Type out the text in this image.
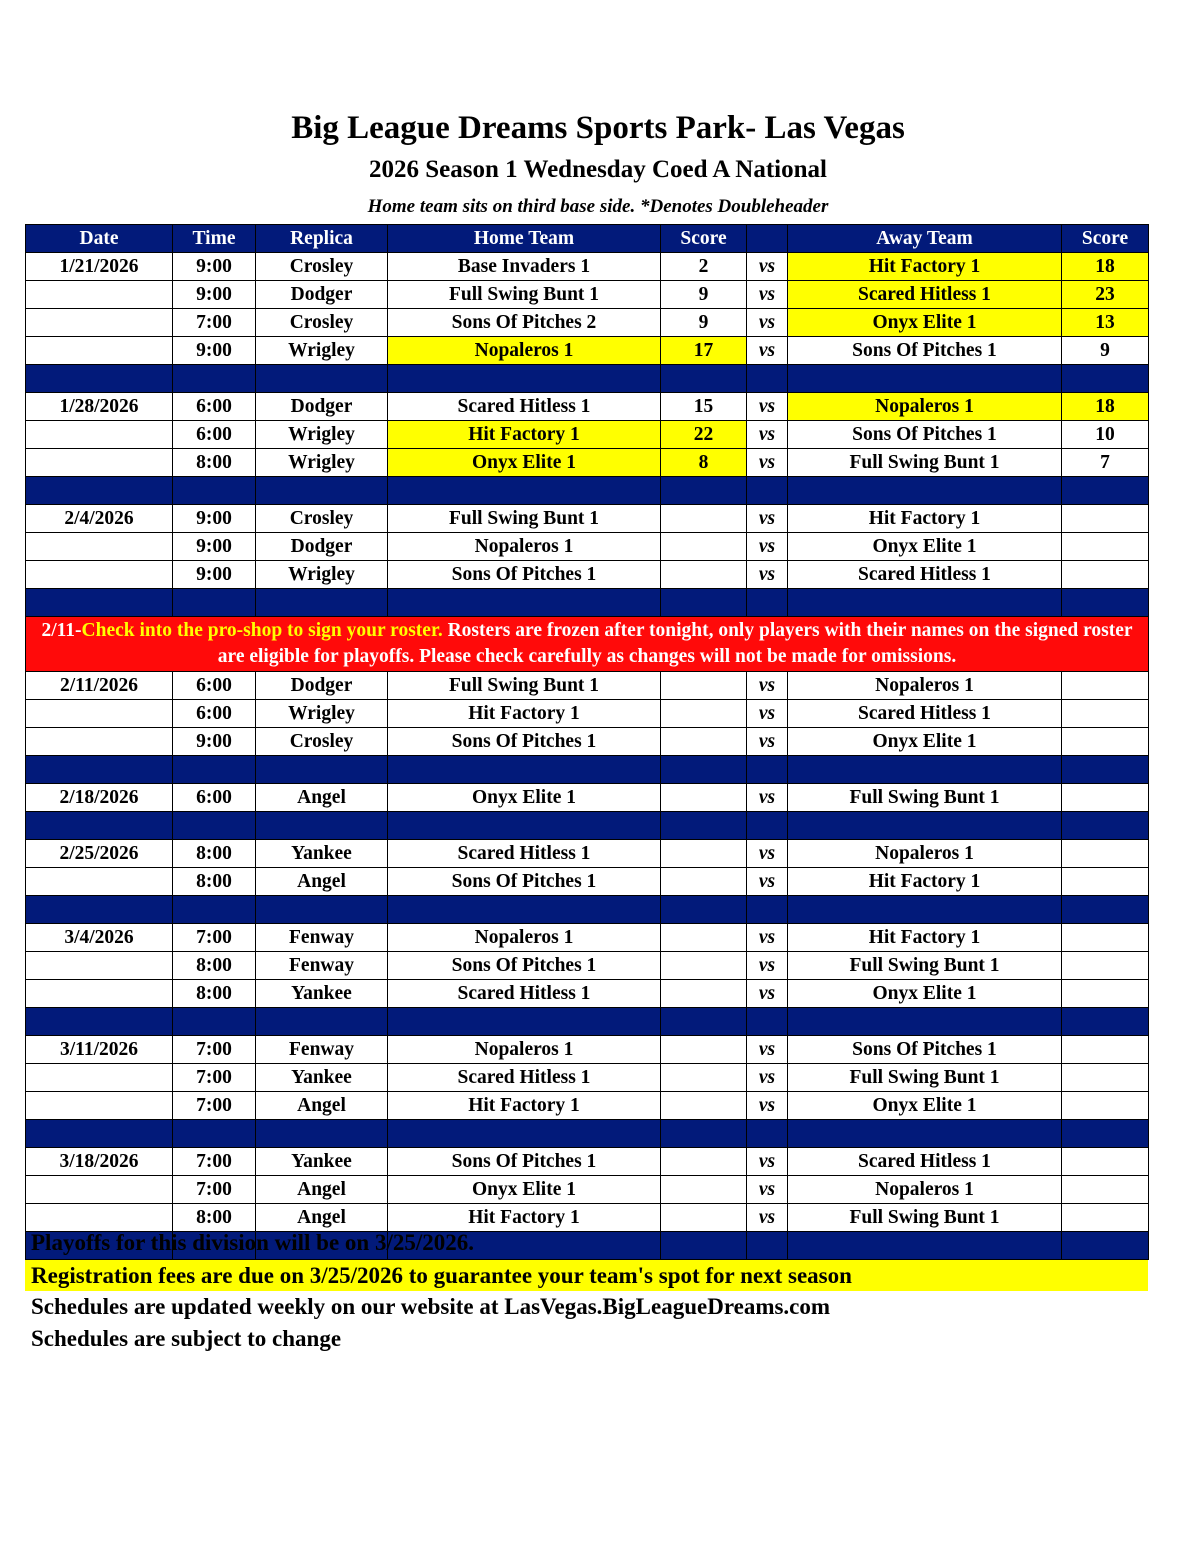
Big League Dreams Sports Park- Las Vegas
2026 Season 1 Wednesday Coed A National
Home team sits on third base side. *Denotes Doubleheader
Date	Time	Replica	Home Team	Score		Away Team	Score
1/21/2026	9:00	Crosley	Base Invaders 1	2	vs	Hit Factory 1	18
	9:00	Dodger	Full Swing Bunt 1	9	vs	Scared Hitless 1	23
	7:00	Crosley	Sons Of Pitches 2	9	vs	Onyx Elite 1	13
	9:00	Wrigley	Nopaleros 1	17	vs	Sons Of Pitches 1	9

1/28/2026	6:00	Dodger	Scared Hitless 1	15	vs	Nopaleros 1	18
	6:00	Wrigley	Hit Factory 1	22	vs	Sons Of Pitches 1	10
	8:00	Wrigley	Onyx Elite 1	8	vs	Full Swing Bunt 1	7

2/4/2026	9:00	Crosley	Full Swing Bunt 1		vs	Hit Factory 1	
	9:00	Dodger	Nopaleros 1		vs	Onyx Elite 1	
	9:00	Wrigley	Sons Of Pitches 1		vs	Scared Hitless 1	

2/11-Check into the pro-shop to sign your roster. Rosters are frozen after tonight, only players with their names on the signed roster are eligible for playoffs. Please check carefully as changes will not be made for omissions.							
2/11/2026	6:00	Dodger	Full Swing Bunt 1		vs	Nopaleros 1	
	6:00	Wrigley	Hit Factory 1		vs	Scared Hitless 1	
	9:00	Crosley	Sons Of Pitches 1		vs	Onyx Elite 1	

2/18/2026	6:00	Angel	Onyx Elite 1		vs	Full Swing Bunt 1	

2/25/2026	8:00	Yankee	Scared Hitless 1		vs	Nopaleros 1	
	8:00	Angel	Sons Of Pitches 1		vs	Hit Factory 1	

3/4/2026	7:00	Fenway	Nopaleros 1		vs	Hit Factory 1	
	8:00	Fenway	Sons Of Pitches 1		vs	Full Swing Bunt 1	
	8:00	Yankee	Scared Hitless 1		vs	Onyx Elite 1	

3/11/2026	7:00	Fenway	Nopaleros 1		vs	Sons Of Pitches 1	
	7:00	Yankee	Scared Hitless 1		vs	Full Swing Bunt 1	
	7:00	Angel	Hit Factory 1		vs	Onyx Elite 1	

3/18/2026	7:00	Yankee	Sons Of Pitches 1		vs	Scared Hitless 1	
	7:00	Angel	Onyx Elite 1		vs	Nopaleros 1	
	8:00	Angel	Hit Factory 1		vs	Full Swing Bunt 1	

Playoffs for this division will be on 3/25/2026.
Registration fees are due on 3/25/2026 to guarantee your team's spot for next season
Schedules are updated weekly on our website at LasVegas.BigLeagueDreams.com
Schedules are subject to change
